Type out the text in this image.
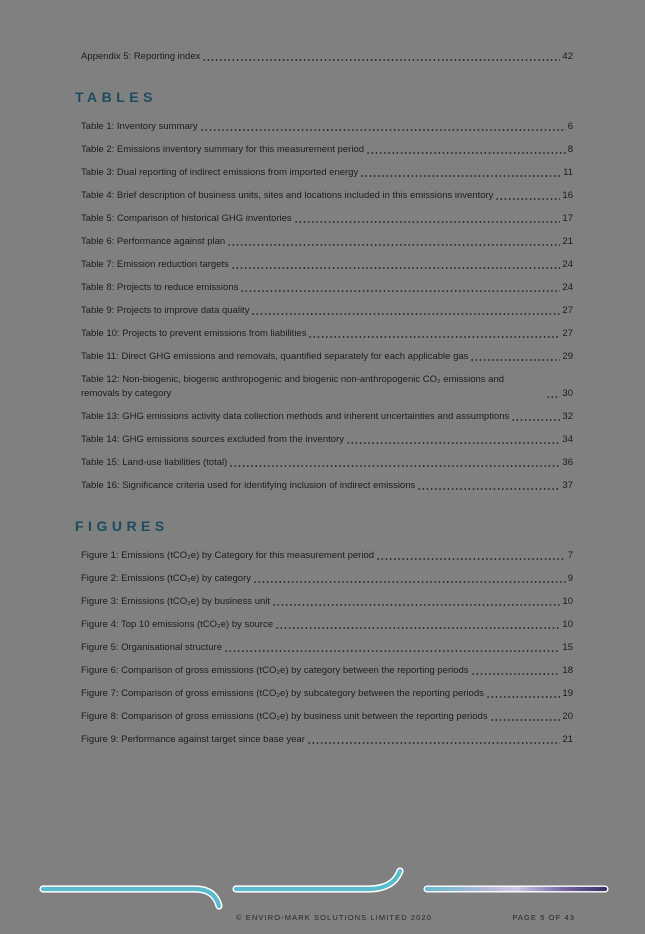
Appendix 5: Reporting index	42
TABLES
Table 1: Inventory summary	6
Table 2: Emissions inventory summary for this measurement period	8
Table 3: Dual reporting of indirect emissions from imported energy	11
Table 4: Brief description of business units, sites and locations included in this emissions inventory	16
Table 5: Comparison of historical GHG inventories	17
Table 6: Performance against plan	21
Table 7: Emission reduction targets	24
Table 8: Projects to reduce emissions	24
Table 9: Projects to improve data quality	27
Table 10: Projects to prevent emissions from liabilities	27
Table 11: Direct GHG emissions and removals, quantified separately for each applicable gas	29
Table 12: Non-biogenic, biogenic anthropogenic and biogenic non-anthropogenic CO₂ emissions and removals by category	30
Table 13: GHG emissions activity data collection methods and inherent uncertainties and assumptions	32
Table 14: GHG emissions sources excluded from the inventory	34
Table 15: Land-use liabilities (total)	36
Table 16: Significance criteria used for identifying inclusion of indirect emissions	37
FIGURES
Figure 1: Emissions (tCO₂e) by Category for this measurement period	7
Figure 2: Emissions (tCO₂e) by category	9
Figure 3: Emissions (tCO₂e) by business unit	10
Figure 4: Top 10 emissions (tCO₂e) by source	10
Figure 5: Organisational structure	15
Figure 6: Comparison of gross emissions (tCO₂e) by category between the reporting periods	18
Figure 7: Comparison of gross emissions (tCO₂e) by subcategory between the reporting periods	19
Figure 8: Comparison of gross emissions (tCO₂e) by business unit between the reporting periods	20
Figure 9: Performance against target since base year	21
© ENVIRO-MARK SOLUTIONS LIMITED 2020	PAGE 5 OF 43
